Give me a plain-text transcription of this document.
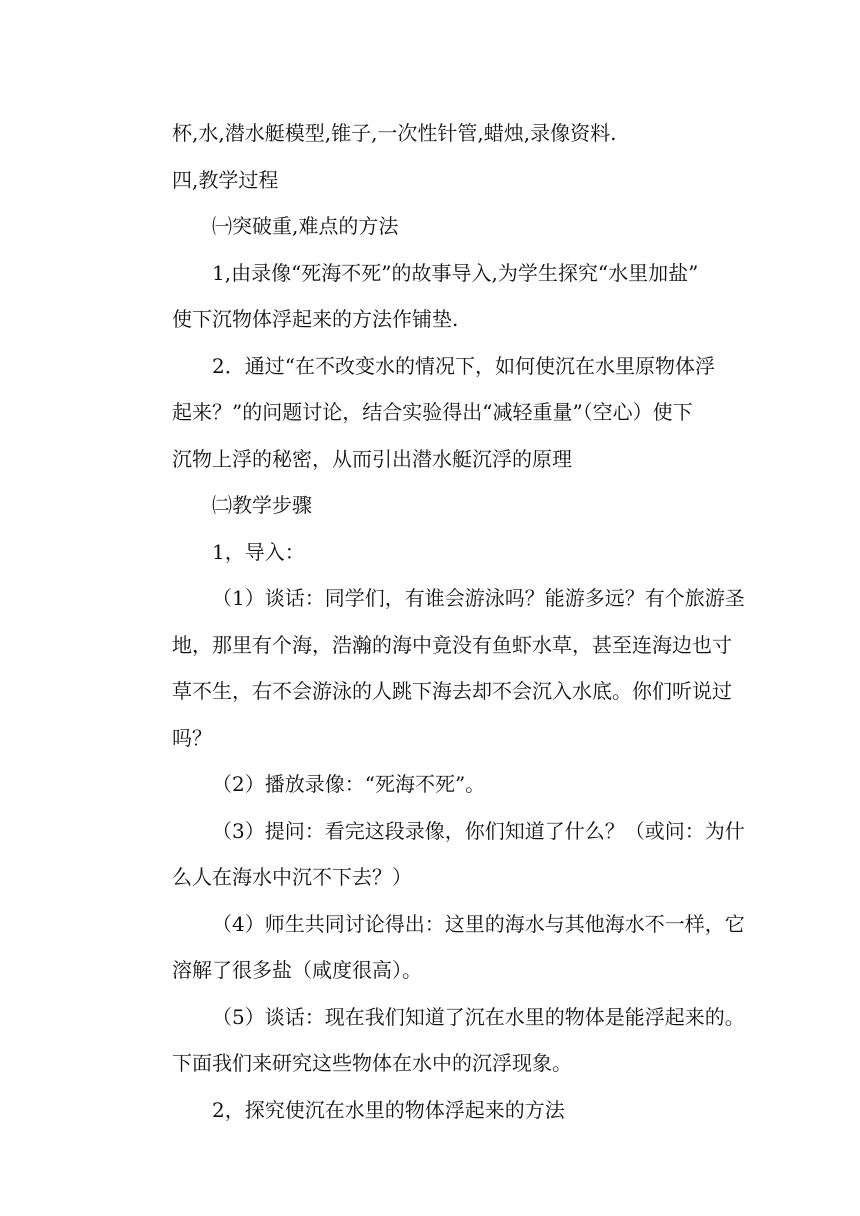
杯,水,潜水艇模型,锥子,一次性针管,蜡烛,录像资料.
四,教学过程
㈠突破重,难点的方法
1,由录像“死海不死”的故事导入,为学生探究“水里加盐”
使下沉物体浮起来的方法作铺垫.
2．通过“在不改变水的情况下，如何使沉在水里原物体浮
起来？”的问题讨论，结合实验得出“减轻重量”（空心）使下
沉物上浮的秘密，从而引出潜水艇沉浮的原理
㈡教学步骤
1，导入：
（1）谈话：同学们，有谁会游泳吗？能游多远？有个旅游圣
地，那里有个海，浩瀚的海中竟没有鱼虾水草，甚至连海边也寸
草不生，右不会游泳的人跳下海去却不会沉入水底。你们听说过
吗？
（2）播放录像：“死海不死”。
（3）提问：看完这段录像，你们知道了什么？（或问：为什
么人在海水中沉不下去？）
（4）师生共同讨论得出：这里的海水与其他海水不一样，它
溶解了很多盐（咸度很高）。
（5）谈话：现在我们知道了沉在水里的物体是能浮起来的。
下面我们来研究这些物体在水中的沉浮现象。
2，探究使沉在水里的物体浮起来的方法
